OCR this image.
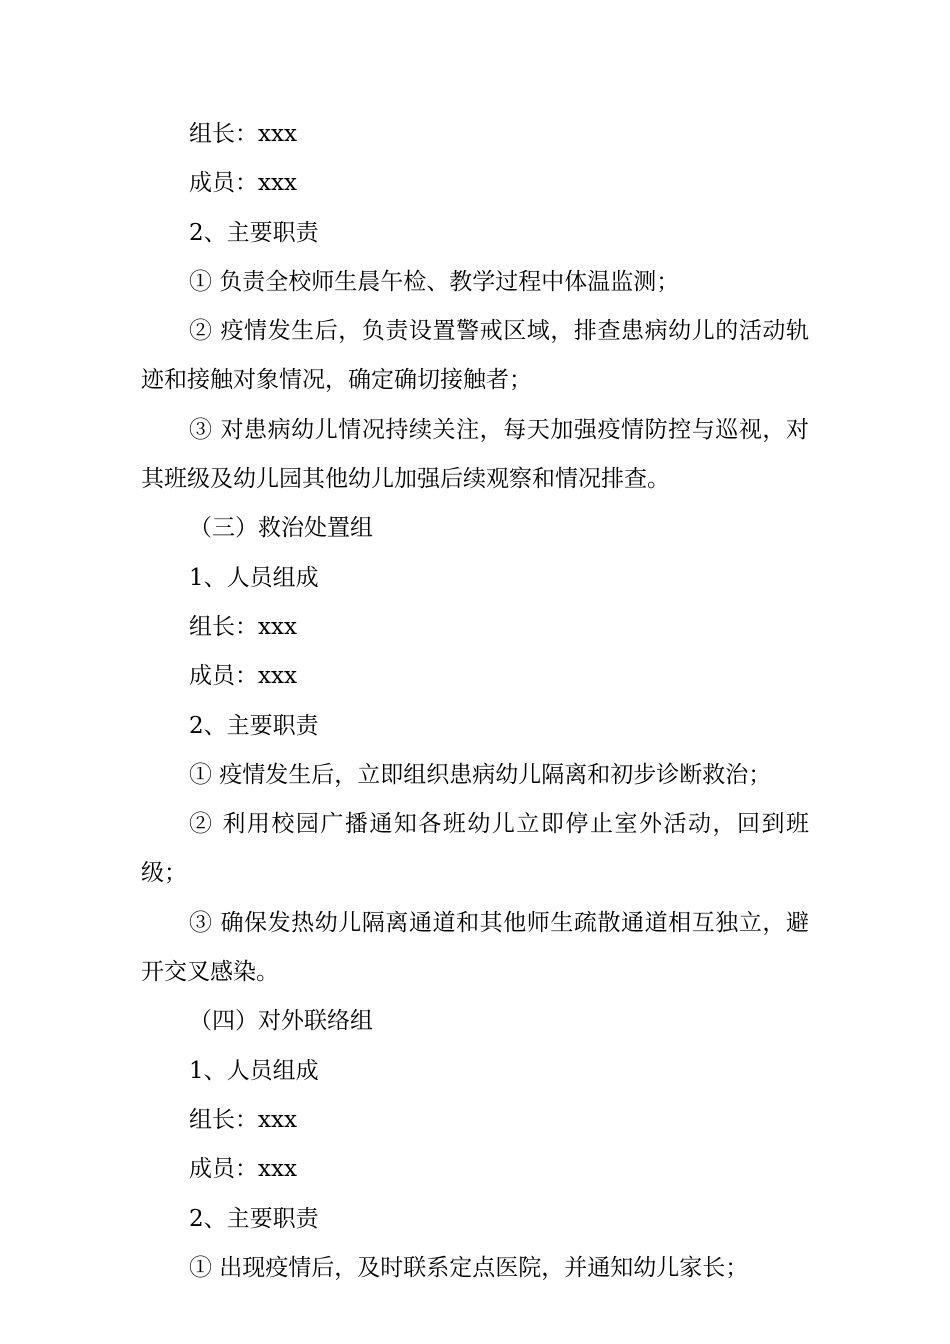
组长：xxx

成员：xxx

2、主要职责

① 负责全校师生晨午检、教学过程中体温监测；

② 疫情发生后，负责设置警戒区域，排查患病幼儿的活动轨迹和接触对象情况，确定确切接触者；

③ 对患病幼儿情况持续关注，每天加强疫情防控与巡视，对其班级及幼儿园其他幼儿加强后续观察和情况排查。

（三）救治处置组

1、人员组成

组长：xxx

成员：xxx

2、主要职责

① 疫情发生后，立即组织患病幼儿隔离和初步诊断救治；

② 利用校园广播通知各班幼儿立即停止室外活动，回到班级；

③ 确保发热幼儿隔离通道和其他师生疏散通道相互独立，避开交叉感染。

（四）对外联络组

1、人员组成

组长：xxx

成员：xxx

2、主要职责

① 出现疫情后，及时联系定点医院，并通知幼儿家长；
